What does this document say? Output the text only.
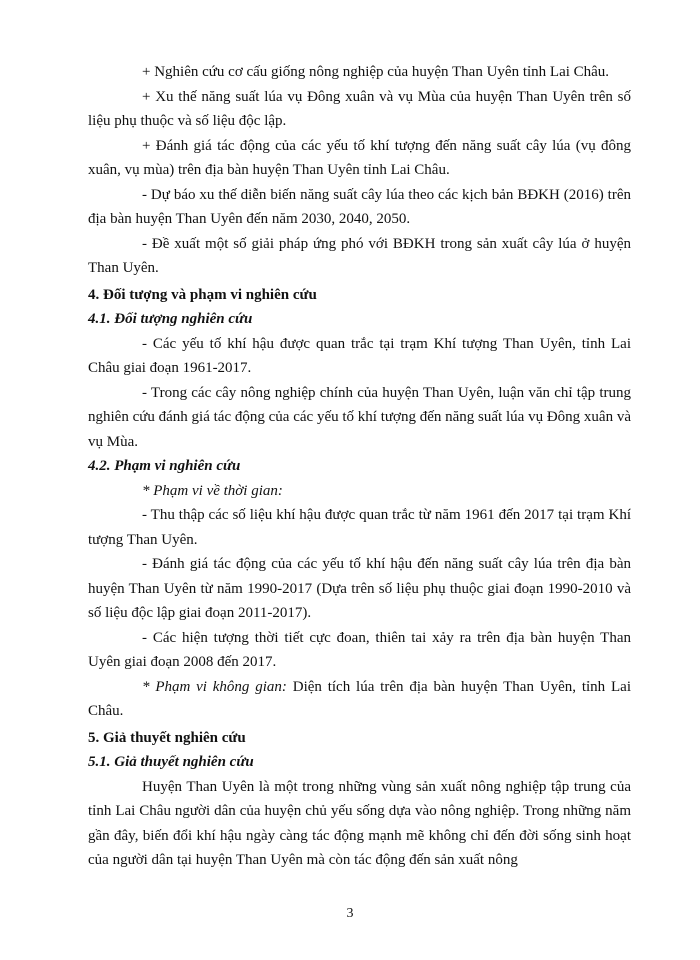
+ Nghiên cứu cơ cấu giống nông nghiệp của huyện Than Uyên tỉnh Lai Châu.

+ Xu thế năng suất lúa vụ Đông xuân và vụ Mùa của huyện Than Uyên trên số liệu phụ thuộc và số liệu độc lập.

+ Đánh giá tác động của các yếu tố khí tượng đến năng suất cây lúa (vụ đông xuân, vụ mùa) trên địa bàn huyện Than Uyên tỉnh Lai Châu.

- Dự báo xu thế diễn biến năng suất cây lúa theo các kịch bản BĐKH (2016) trên địa bàn huyện Than Uyên đến năm 2030, 2040, 2050.

- Đề xuất một số giải pháp ứng phó với BĐKH trong sản xuất cây lúa ở huyện Than Uyên.

4. Đối tượng và phạm vi nghiên cứu

4.1. Đối tượng nghiên cứu

- Các yếu tố khí hậu được quan trắc tại trạm Khí tượng Than Uyên, tỉnh Lai Châu giai đoạn 1961-2017.

- Trong các cây nông nghiệp chính của huyện Than Uyên, luận văn chỉ tập trung nghiên cứu đánh giá tác động của các yếu tố khí tượng đến năng suất lúa vụ Đông xuân và vụ Mùa.

4.2. Phạm vi nghiên cứu

* Phạm vi về thời gian:

- Thu thập các số liệu khí hậu được quan trắc từ năm 1961 đến 2017 tại trạm Khí tượng Than Uyên.

- Đánh giá tác động của các yếu tố khí hậu đến năng suất cây lúa trên địa bàn huyện Than Uyên từ năm 1990-2017 (Dựa trên số liệu phụ thuộc giai đoạn 1990-2010 và số liệu độc lập giai đoạn 2011-2017).

- Các hiện tượng thời tiết cực đoan, thiên tai xảy ra trên địa bàn huyện Than Uyên giai đoạn 2008 đến 2017.

* Phạm vi không gian: Diện tích lúa trên địa bàn huyện Than Uyên, tỉnh Lai Châu.

5. Giả thuyết nghiên cứu

5.1. Giả thuyết nghiên cứu

Huyện Than Uyên là một trong những vùng sản xuất nông nghiệp tập trung của tỉnh Lai Châu người dân của huyện chủ yếu sống dựa vào nông nghiệp. Trong những năm gần đây, biến đổi khí hậu ngày càng tác động mạnh mẽ không chỉ đến đời sống sinh hoạt của người dân tại huyện Than Uyên mà còn tác động đến sản xuất nông

3
